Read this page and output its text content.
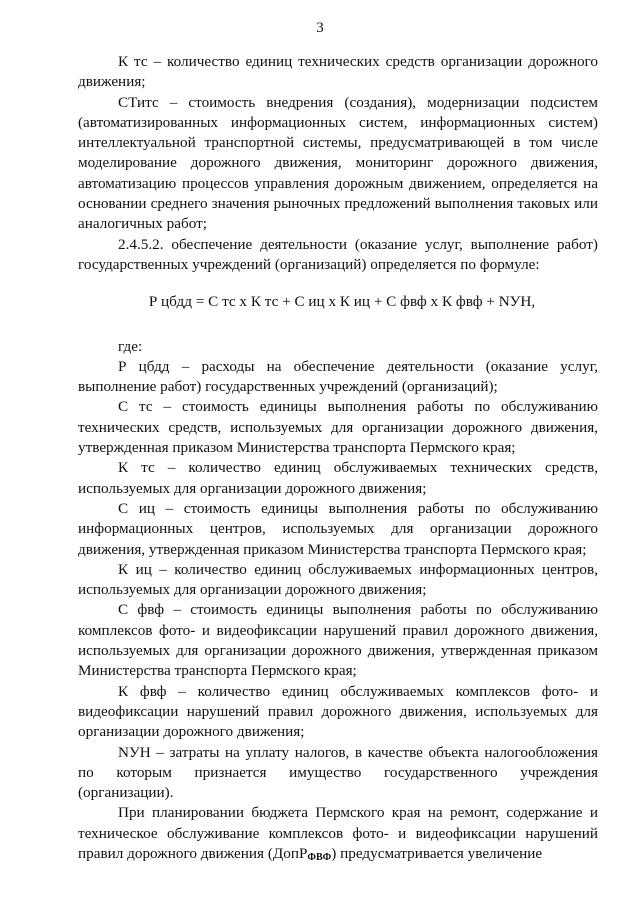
3

К тс – количество единиц технических средств организации дорожного движения;

СТитс – стоимость внедрения (создания), модернизации подсистем (автоматизированных информационных систем, информационных систем) интеллектуальной транспортной системы, предусматривающей в том числе моделирование дорожного движения, мониторинг дорожного движения, автоматизацию процессов управления дорожным движением, определяется на основании среднего значения рыночных предложений выполнения таковых или аналогичных работ;

2.4.5.2. обеспечение деятельности (оказание услуг, выполнение работ) государственных учреждений (организаций) определяется по формуле:

Р цбдд = С тс х К тс + С иц х К иц + С фвф х К фвф + NУН,

где:

Р цбдд – расходы на обеспечение деятельности (оказание услуг, выполнение работ) государственных учреждений (организаций);

С тс – стоимость единицы выполнения работы по обслуживанию технических средств, используемых для организации дорожного движения, утвержденная приказом Министерства транспорта Пермского края;

К тс – количество единиц обслуживаемых технических средств, используемых для организации дорожного движения;

С иц – стоимость единицы выполнения работы по обслуживанию информационных центров, используемых для организации дорожного движения, утвержденная приказом Министерства транспорта Пермского края;

К иц – количество единиц обслуживаемых информационных центров, используемых для организации дорожного движения;

С фвф – стоимость единицы выполнения работы по обслуживанию комплексов фото- и видеофиксации нарушений правил дорожного движения, используемых для организации дорожного движения, утвержденная приказом Министерства транспорта Пермского края;

К фвф – количество единиц обслуживаемых комплексов фото- и видеофиксации нарушений правил дорожного движения, используемых для организации дорожного движения;

NУН – затраты на уплату налогов, в качестве объекта налогообложения по которым признается имущество государственного учреждения (организации).

При планировании бюджета Пермского края на ремонт, содержание и техническое обслуживание комплексов фото- и видеофиксации нарушений правил дорожного движения (ДопР$_{ФВФ}$) предусматривается увеличение
